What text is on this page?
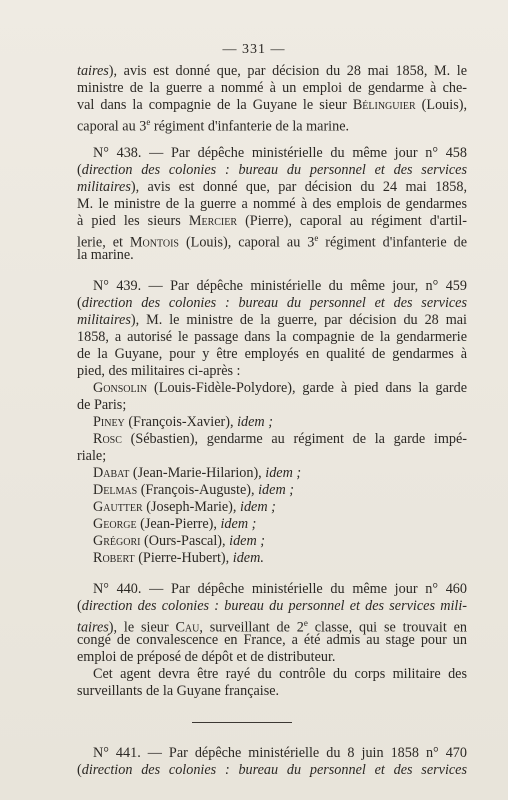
— 331 —
taires), avis est donné que, par décision du 28 mai 1858, M. le
ministre de la guerre a nommé à un emploi de gendarme à che-
val dans la compagnie de la Guyane le sieur Bélinguier (Louis),
caporal au 3e régiment d'infanterie de la marine.
N° 438. — Par dépêche ministérielle du même jour n° 458
(direction des colonies : bureau du personnel et des services
militaires), avis est donné que, par décision du 24 mai 1858,
M. le ministre de la guerre a nommé à des emplois de gendarmes
à pied les sieurs Mercier (Pierre), caporal au régiment d'artil-
lerie, et Montois (Louis), caporal au 3e régiment d'infanterie de
la marine.
N° 439. — Par dépêche ministérielle du même jour, n° 459
(direction des colonies : bureau du personnel et des services
militaires), M. le ministre de la guerre, par décision du 28 mai
1858, a autorisé le passage dans la compagnie de la gendarmerie
de la Guyane, pour y être employés en qualité de gendarmes à
pied, des militaires ci-après :
Gonsolin (Louis-Fidèle-Polydore), garde à pied dans la garde
de Paris;
Piney (François-Xavier), idem ;
Rosc (Sébastien), gendarme au régiment de la garde impé-
riale;
Dabat (Jean-Marie-Hilarion), idem ;
Delmas (François-Auguste), idem ;
Gautter (Joseph-Marie), idem ;
George (Jean-Pierre), idem ;
Grégori (Ours-Pascal), idem ;
Robert (Pierre-Hubert), idem.
N° 440. — Par dépêche ministérielle du même jour n° 460
(direction des colonies : bureau du personnel et des services mili-
taires), le sieur Cau, surveillant de 2e classe, qui se trouvait en
congé de convalescence en France, a été admis au stage pour un
emploi de préposé de dépôt et de distributeur.
Cet agent devra être rayé du contrôle du corps militaire des
surveillants de la Guyane française.
N° 441. — Par dépêche ministérielle du 8 juin 1858 n° 470
(direction des colonies : bureau du personnel et des services
